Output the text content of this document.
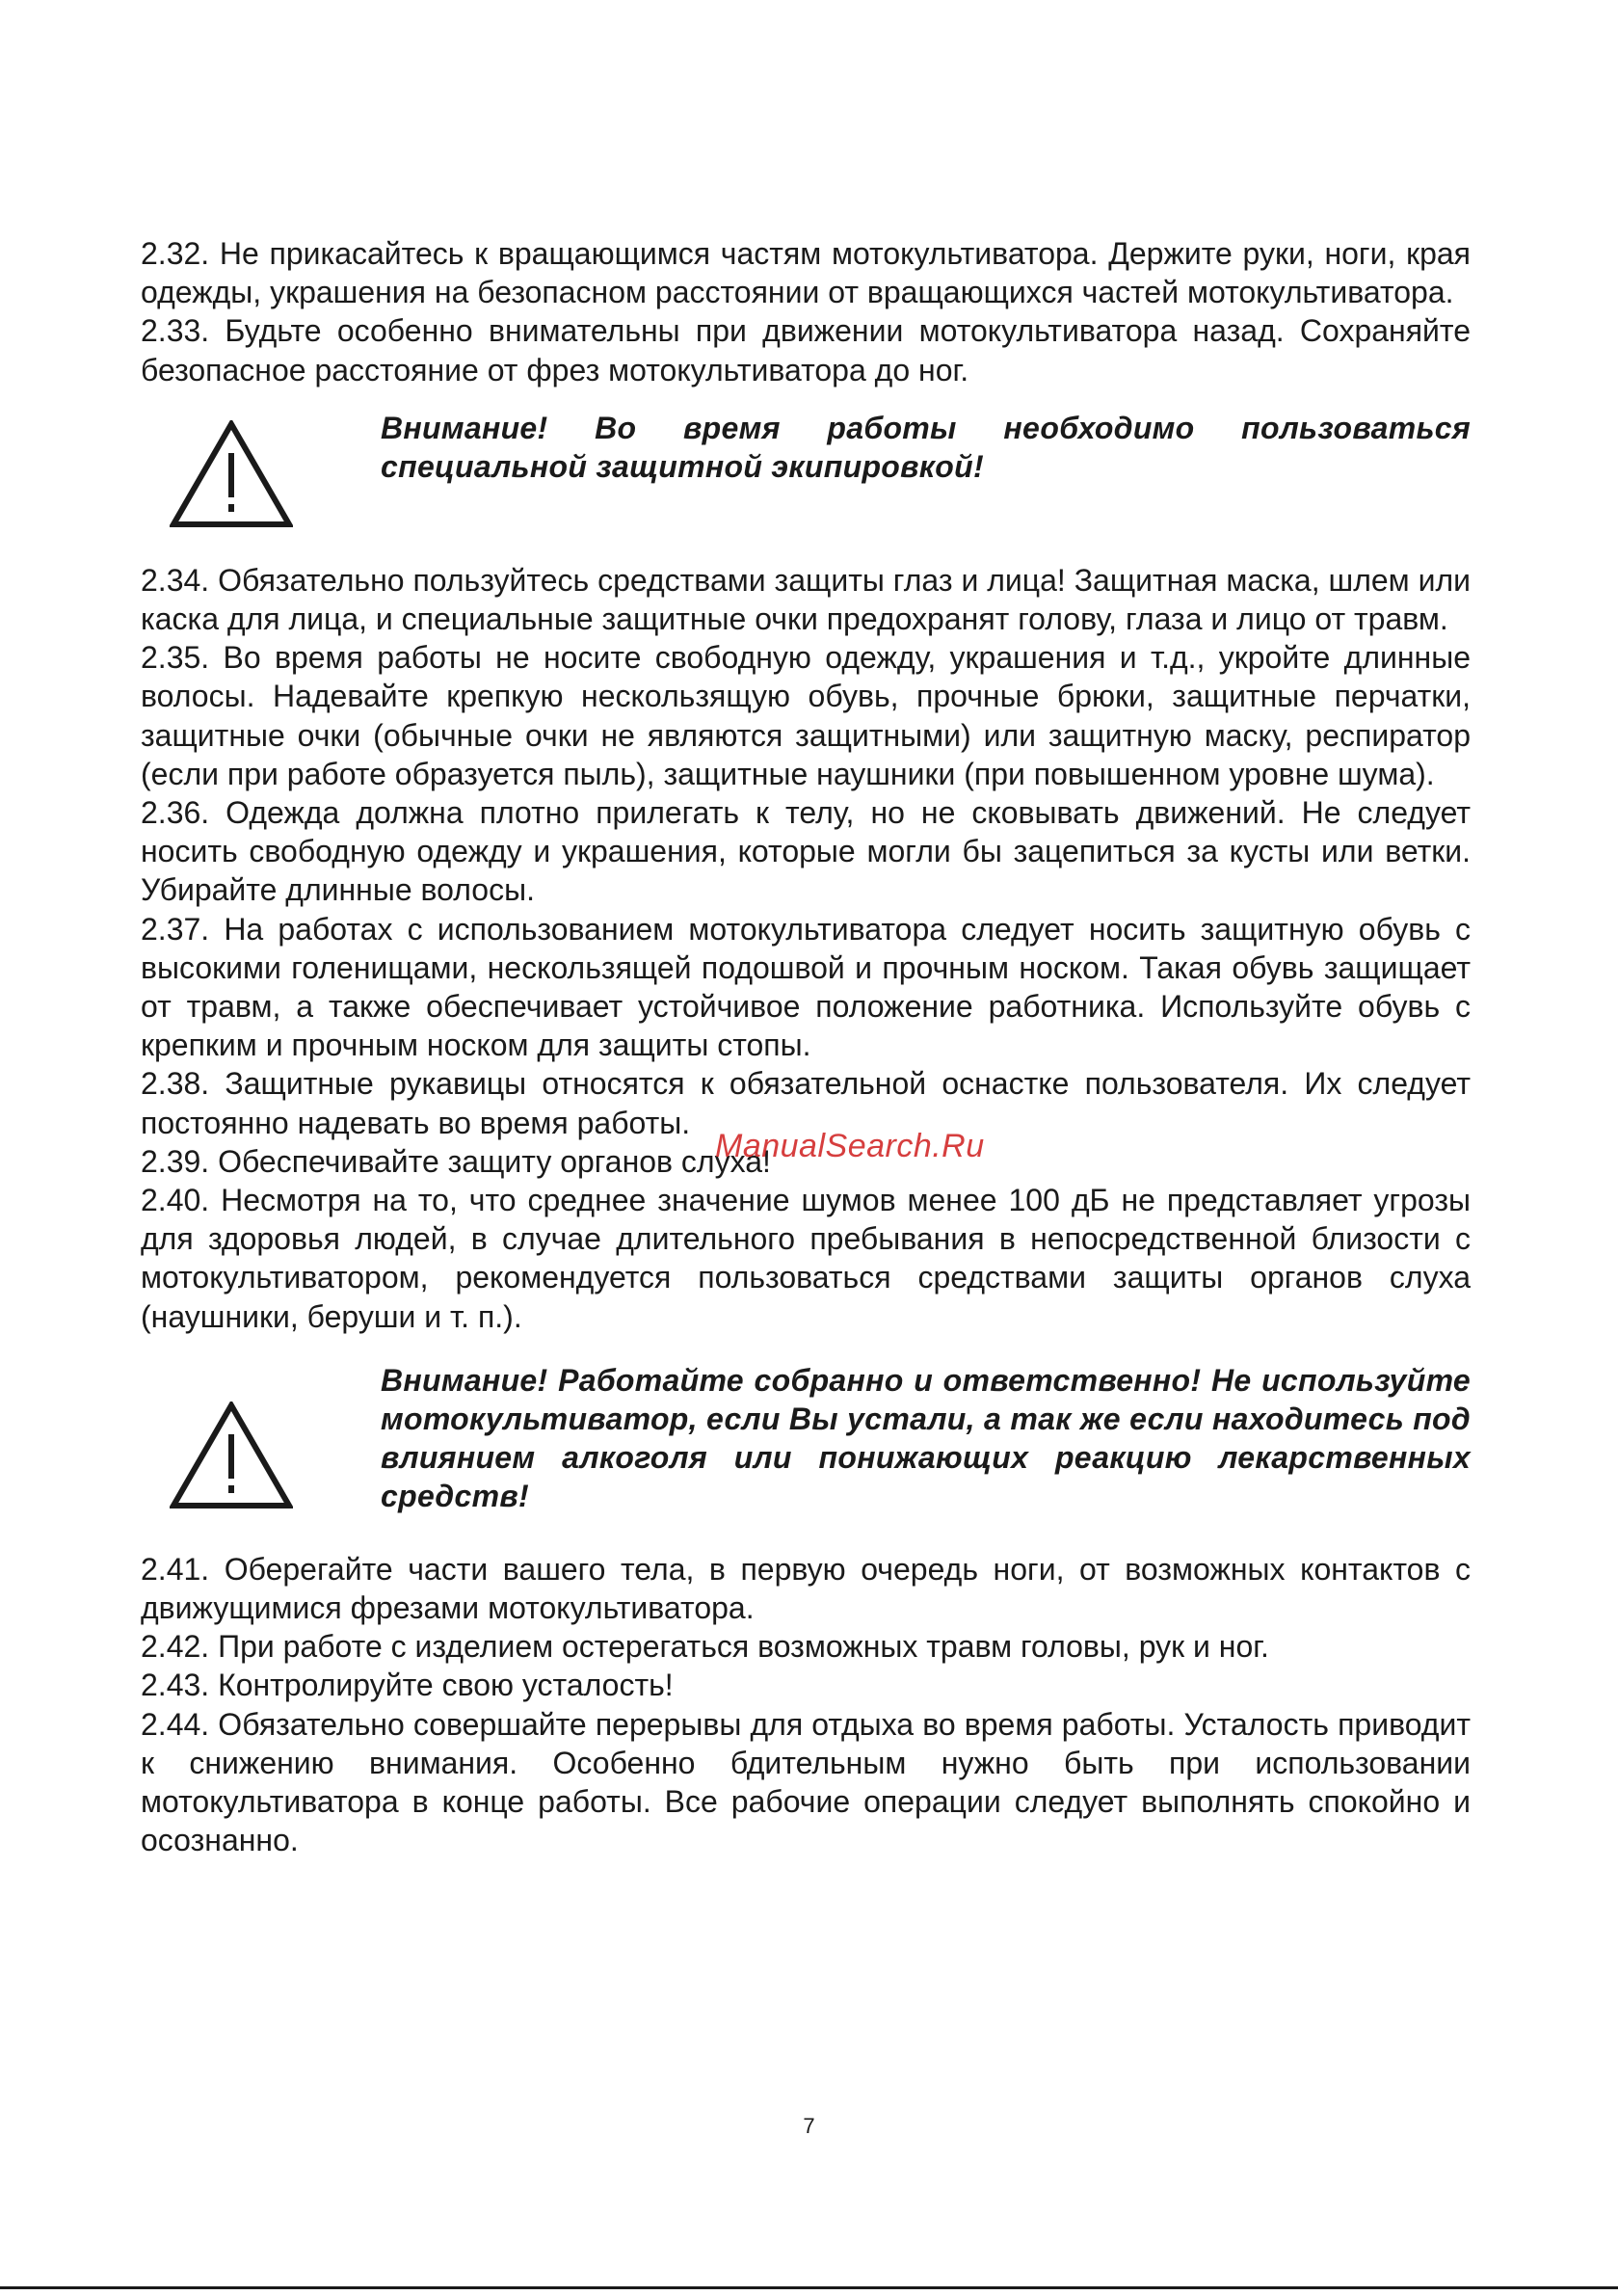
2.32. Не прикасайтесь к вращающимся частям мотокультиватора. Держите руки, ноги, края одежды, украшения на безопасном расстоянии от вращающихся частей мотокультиватора.

2.33. Будьте особенно внимательны при движении мотокультиватора назад. Сохраняйте безопасное расстояние от фрез мотокультиватора до ног.

Внимание! Во время работы необходимо пользоваться специальной защитной экипировкой!

2.34. Обязательно пользуйтесь средствами защиты глаз и лица! Защитная маска, шлем или каска для лица, и специальные защитные очки предохранят голову, глаза и лицо от травм.

2.35. Во время работы не носите свободную одежду, украшения и т.д., укройте длинные волосы. Надевайте крепкую нескользящую обувь, прочные брюки, защитные перчатки, защитные очки (обычные очки не являются защитными) или защитную маску, респиратор (если при работе образуется пыль), защитные наушники (при повышенном уровне шума).

2.36. Одежда должна плотно прилегать к телу, но не сковывать движений. Не следует носить свободную одежду и украшения, которые могли бы зацепиться за кусты или ветки. Убирайте длинные волосы.

2.37. На работах с использованием мотокультиватора следует носить защитную обувь с высокими голенищами, нескользящей подошвой и прочным носком. Такая обувь защищает от травм, а также обеспечивает устойчивое положение работника. Используйте обувь с крепким и прочным носком для защиты стопы.

2.38. Защитные рукавицы относятся к обязательной оснастке пользователя. Их следует постоянно надевать во время работы.

2.39. Обеспечивайте защиту органов слуха!

2.40. Несмотря на то, что среднее значение шумов менее 100 дБ не представляет угрозы для здоровья людей, в случае длительного пребывания в непосредственной близости с мотокультиватором, рекомендуется пользоваться средствами защиты органов слуха (наушники, беруши и т. п.).

Внимание! Работайте собранно и ответственно! Не используйте мотокультиватор, если Вы устали, а так же если находитесь под влиянием алкоголя или понижающих реакцию лекарственных средств!

2.41. Оберегайте части вашего тела, в первую очередь ноги, от возможных контактов с движущимися фрезами мотокультиватора.

2.42. При работе с изделием остерегаться возможных травм головы, рук и ног.

2.43. Контролируйте свою усталость!

2.44. Обязательно совершайте перерывы для отдыха во время работы. Усталость приводит к снижению внимания. Особенно бдительным нужно быть при использовании мотокультиватора в конце работы. Все рабочие операции следует выполнять спокойно и осознанно.

ManualSearch.Ru
7
